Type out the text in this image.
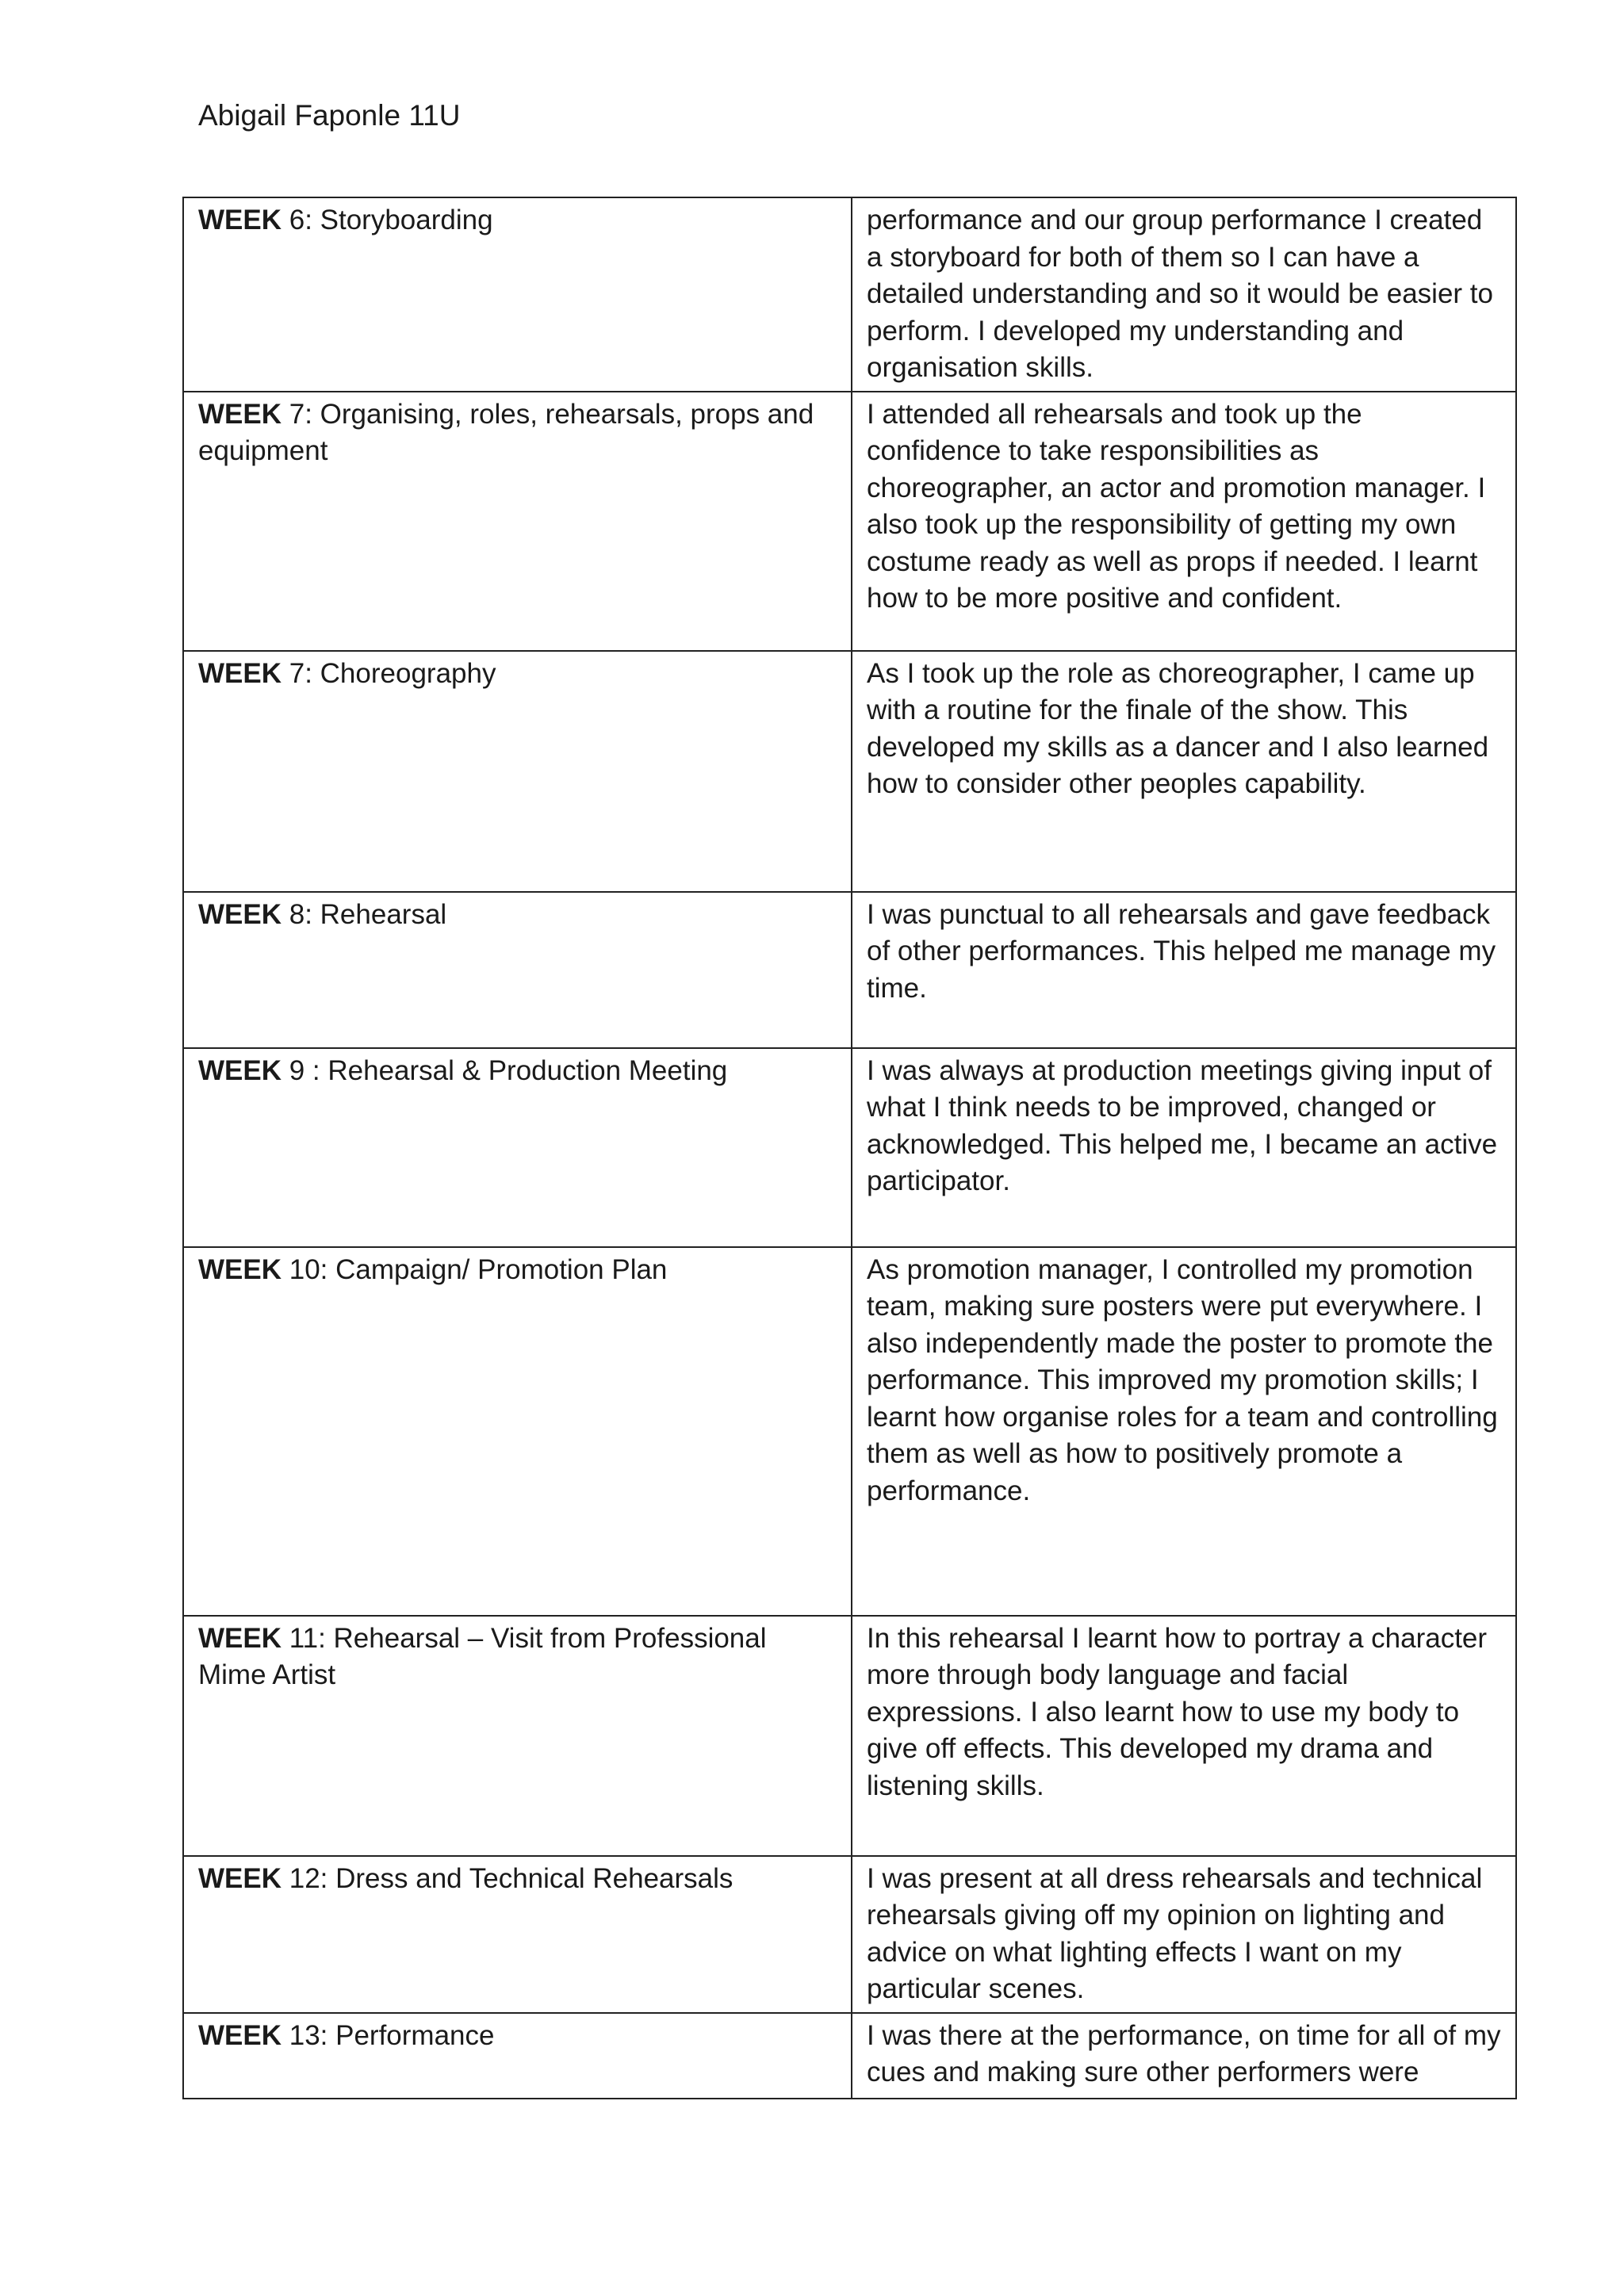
Abigail Faponle 11U
WEEK 6: Storyboarding	performance and our group performance I created a storyboard for both of them so I can have a detailed understanding and so it would be easier to perform. I developed my understanding and organisation skills.
WEEK 7: Organising, roles, rehearsals, props and equipment	I attended all rehearsals and took up the confidence to take responsibilities as choreographer, an actor and promotion manager. I also took up the responsibility of getting my own costume ready as well as props if needed. I learnt how to be more positive and confident.
WEEK 7: Choreography	As I took up the role as choreographer, I came up with a routine for the finale of the show. This developed my skills as a dancer and I also learned how to consider other peoples capability.
WEEK 8: Rehearsal	I was punctual to all rehearsals and gave feedback of other performances. This helped me manage my time.
WEEK 9 : Rehearsal & Production Meeting	I was always at production meetings giving input of what I think needs to be improved, changed or acknowledged. This helped me, I became an active participator.
WEEK 10: Campaign/ Promotion Plan	As promotion manager, I controlled my promotion team, making sure posters were put everywhere. I also independently made the poster to promote the performance. This improved my promotion skills; I learnt how organise roles for a team and controlling them as well as how to positively promote a performance.
WEEK 11: Rehearsal – Visit from Professional Mime Artist	In this rehearsal I learnt how to portray a character more through body language and facial expressions. I also learnt how to use my body to give off effects. This developed my drama and listening skills.
WEEK 12: Dress and Technical Rehearsals	I was present at all dress rehearsals and technical rehearsals giving off my opinion on lighting and advice on what lighting effects I want on my particular scenes.
WEEK 13: Performance	I was there at the performance, on time for all of my cues and making sure other performers were
